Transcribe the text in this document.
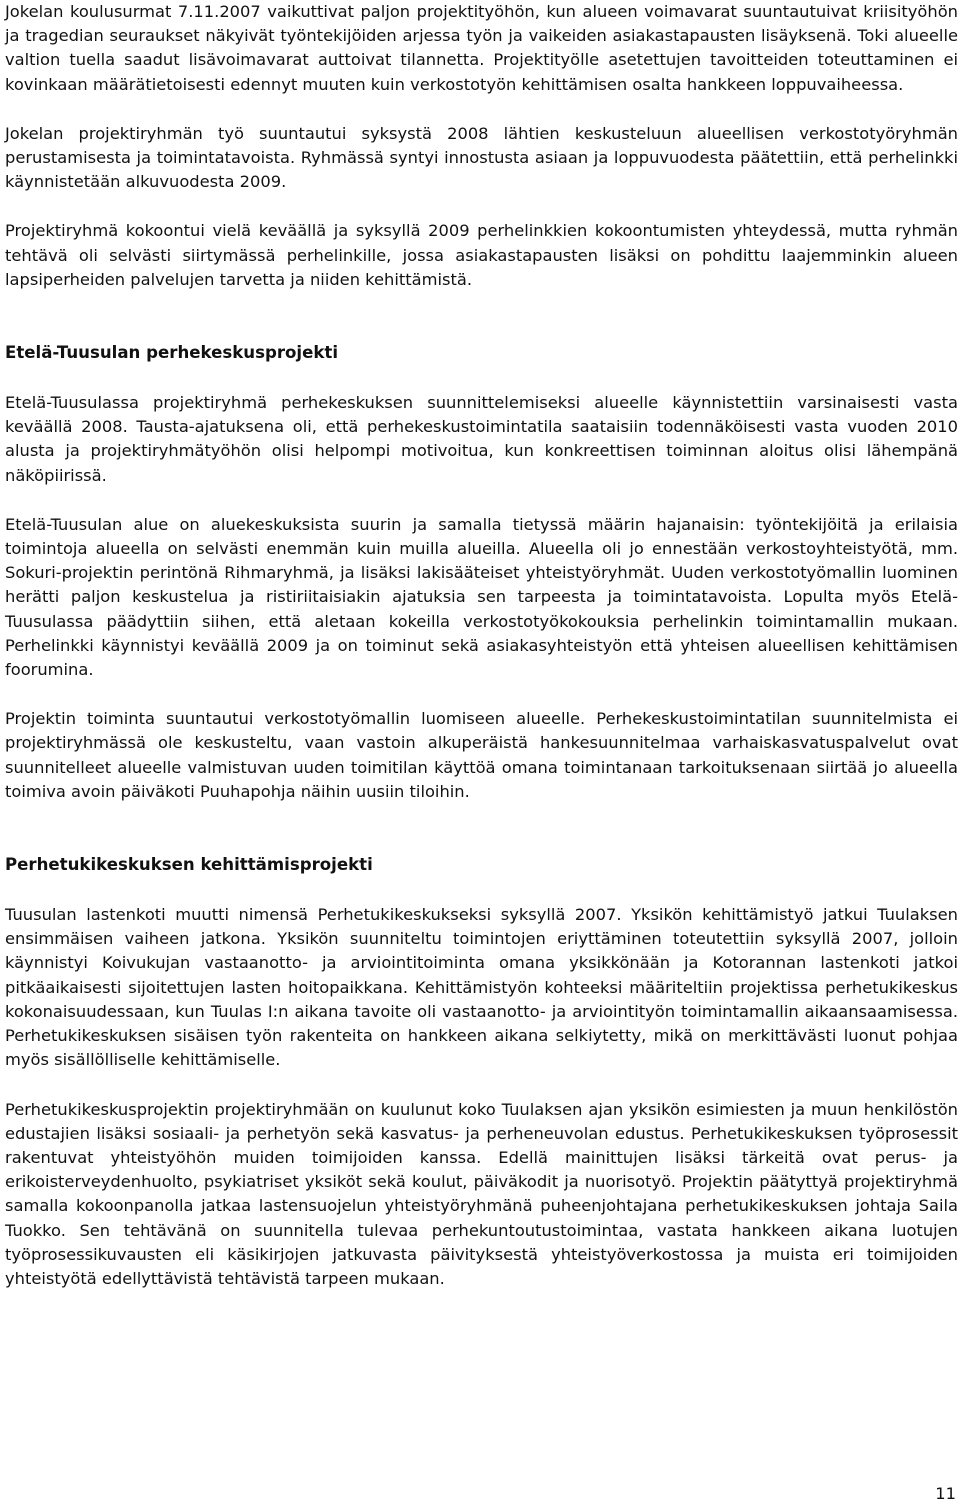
Jokelan koulusurmat 7.11.2007 vaikuttivat paljon projektityöhön, kun alueen voimavarat suuntautuivat kriisityöhön ja tragedian seuraukset näkyivät työntekijöiden arjessa työn ja vaikeiden asiakastapausten lisäyksenä. Toki alueelle valtion tuella saadut lisävoimavarat auttoivat tilannetta. Projektityölle asetettujen tavoitteiden toteuttaminen ei kovinkaan määrätietoisesti edennyt muuten kuin verkostotyön kehittämisen osalta hankkeen loppuvaiheessa.

Jokelan projektiryhmän työ suuntautui syksystä 2008 lähtien keskusteluun alueellisen verkostotyöryhmän perustamisesta ja toimintatavoista. Ryhmässä syntyi innostusta asiaan ja loppuvuodesta päätettiin, että perhelinkki käynnistetään alkuvuodesta 2009.

Projektiryhmä kokoontui vielä keväällä ja syksyllä 2009 perhelinkkien kokoontumisten yhteydessä, mutta ryhmän tehtävä oli selvästi siirtymässä perhelinkille, jossa asiakastapausten lisäksi on pohdittu laajemminkin alueen lapsiperheiden palvelujen tarvetta ja niiden kehittämistä.

Etelä-Tuusulan perhekeskusprojekti

Etelä-Tuusulassa projektiryhmä perhekeskuksen suunnittelemiseksi alueelle käynnistettiin varsinaisesti vasta keväällä 2008. Tausta-ajatuksena oli, että perhekeskustoimintatila saataisiin todennäköisesti vasta vuoden 2010 alusta ja projektiryhmätyöhön olisi helpompi motivoitua, kun konkreettisen toiminnan aloitus olisi lähempänä näköpiirissä.

Etelä-Tuusulan alue on aluekeskuksista suurin ja samalla tietyssä määrin hajanaisin: työntekijöitä ja erilaisia toimintoja alueella on selvästi enemmän kuin muilla alueilla. Alueella oli jo ennestään verkostoyhteistyötä, mm. Sokuri-projektin perintönä Rihmaryhmä, ja lisäksi lakisääteiset yhteistyöryhmät. Uuden verkostotyömallin luominen herätti paljon keskustelua ja ristiriitaisiakin ajatuksia sen tarpeesta ja toimintatavoista. Lopulta myös Etelä-Tuusulassa päädyttiin siihen, että aletaan kokeilla verkostotyökokouksia perhelinkin toimintamallin mukaan. Perhelinkki käynnistyi keväällä 2009 ja on toiminut sekä asiakasyhteistyön että yhteisen alueellisen kehittämisen foorumina.

Projektin toiminta suuntautui verkostotyömallin luomiseen alueelle. Perhekeskustoimintatilan suunnitelmista ei projektiryhmässä ole keskusteltu, vaan vastoin alkuperäistä hankesuunnitelmaa varhaiskasvatuspalvelut ovat suunnitelleet alueelle valmistuvan uuden toimitilan käyttöä omana toimintanaan tarkoituksenaan siirtää jo alueella toimiva avoin päiväkoti Puuhapohja näihin uusiin tiloihin.

Perhetukikeskuksen kehittämisprojekti

Tuusulan lastenkoti muutti nimensä Perhetukikeskukseksi syksyllä 2007. Yksikön kehittämistyö jatkui Tuulaksen ensimmäisen vaiheen jatkona. Yksikön suunniteltu toimintojen eriyttäminen toteutettiin syksyllä 2007, jolloin käynnistyi Koivukujan vastaanotto- ja arviointitoiminta omana yksikkönään ja Kotorannan lastenkoti jatkoi pitkäaikaisesti sijoitettujen lasten hoitopaikkana. Kehittämistyön kohteeksi määriteltiin projektissa perhetukikeskus kokonaisuudessaan, kun Tuulas I:n aikana tavoite oli vastaanotto- ja arviointityön toimintamallin aikaansaamisessa. Perhetukikeskuksen sisäisen työn rakenteita on hankkeen aikana selkiytetty, mikä on merkittävästi luonut pohjaa myös sisällölliselle kehittämiselle.

Perhetukikeskusprojektin projektiryhmään on kuulunut koko Tuulaksen ajan yksikön esimiesten ja muun henkilöstön edustajien lisäksi sosiaali- ja perhetyön sekä kasvatus- ja perheneuvolan edustus. Perhetukikeskuksen työprosessit rakentuvat yhteistyöhön muiden toimijoiden kanssa. Edellä mainittujen lisäksi tärkeitä ovat perus- ja erikoisterveydenhuolto, psykiatriset yksiköt sekä koulut, päiväkodit ja nuorisotyö. Projektin päätyttyä projektiryhmä samalla kokoonpanolla jatkaa lastensuojelun yhteistyöryhmänä puheenjohtajana perhetukikeskuksen johtaja Saila Tuokko. Sen tehtävänä on suunnitella tulevaa perhekuntoutustoimintaa, vastata hankkeen aikana luotujen työprosessikuvausten eli käsikirjojen jatkuvasta päivityksestä yhteistyöverkostossa ja muista eri toimijoiden yhteistyötä edellyttävistä tehtävistä tarpeen mukaan.

11
